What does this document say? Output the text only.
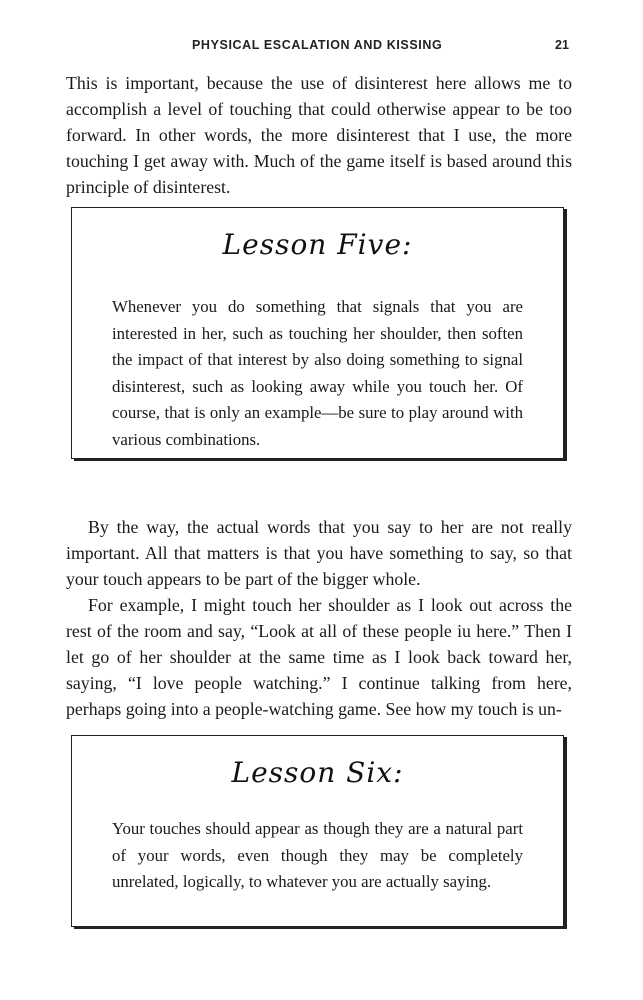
PHYSICAL ESCALATION AND KISSING	21

This is important, because the use of disinterest here allows me to accomplish a level of touching that could otherwise appear to be too forward. In other words, the more disinterest that I use, the more touching I get away with. Much of the game itself is based around this principle of disinterest.

Lesson Five:

Whenever you do something that signals that you are interested in her, such as touching her shoulder, then soften the impact of that interest by also doing something to signal disinterest, such as looking away while you touch her. Of course, that is only an example—be sure to play around with various combinations.

By the way, the actual words that you say to her are not really important. All that matters is that you have something to say, so that your touch appears to be part of the bigger whole.

For example, I might touch her shoulder as I look out across the rest of the room and say, “Look at all of these people iu here.” Then I let go of her shoulder at the same time as I look back toward her, saying, “I love people watching.” I continue talking from here, perhaps going into a people-watching game. See how my touch is un-

Lesson Six:

Your touches should appear as though they are a natural part of your words, even though they may be completely unrelated, logically, to whatever you are actually saying.
